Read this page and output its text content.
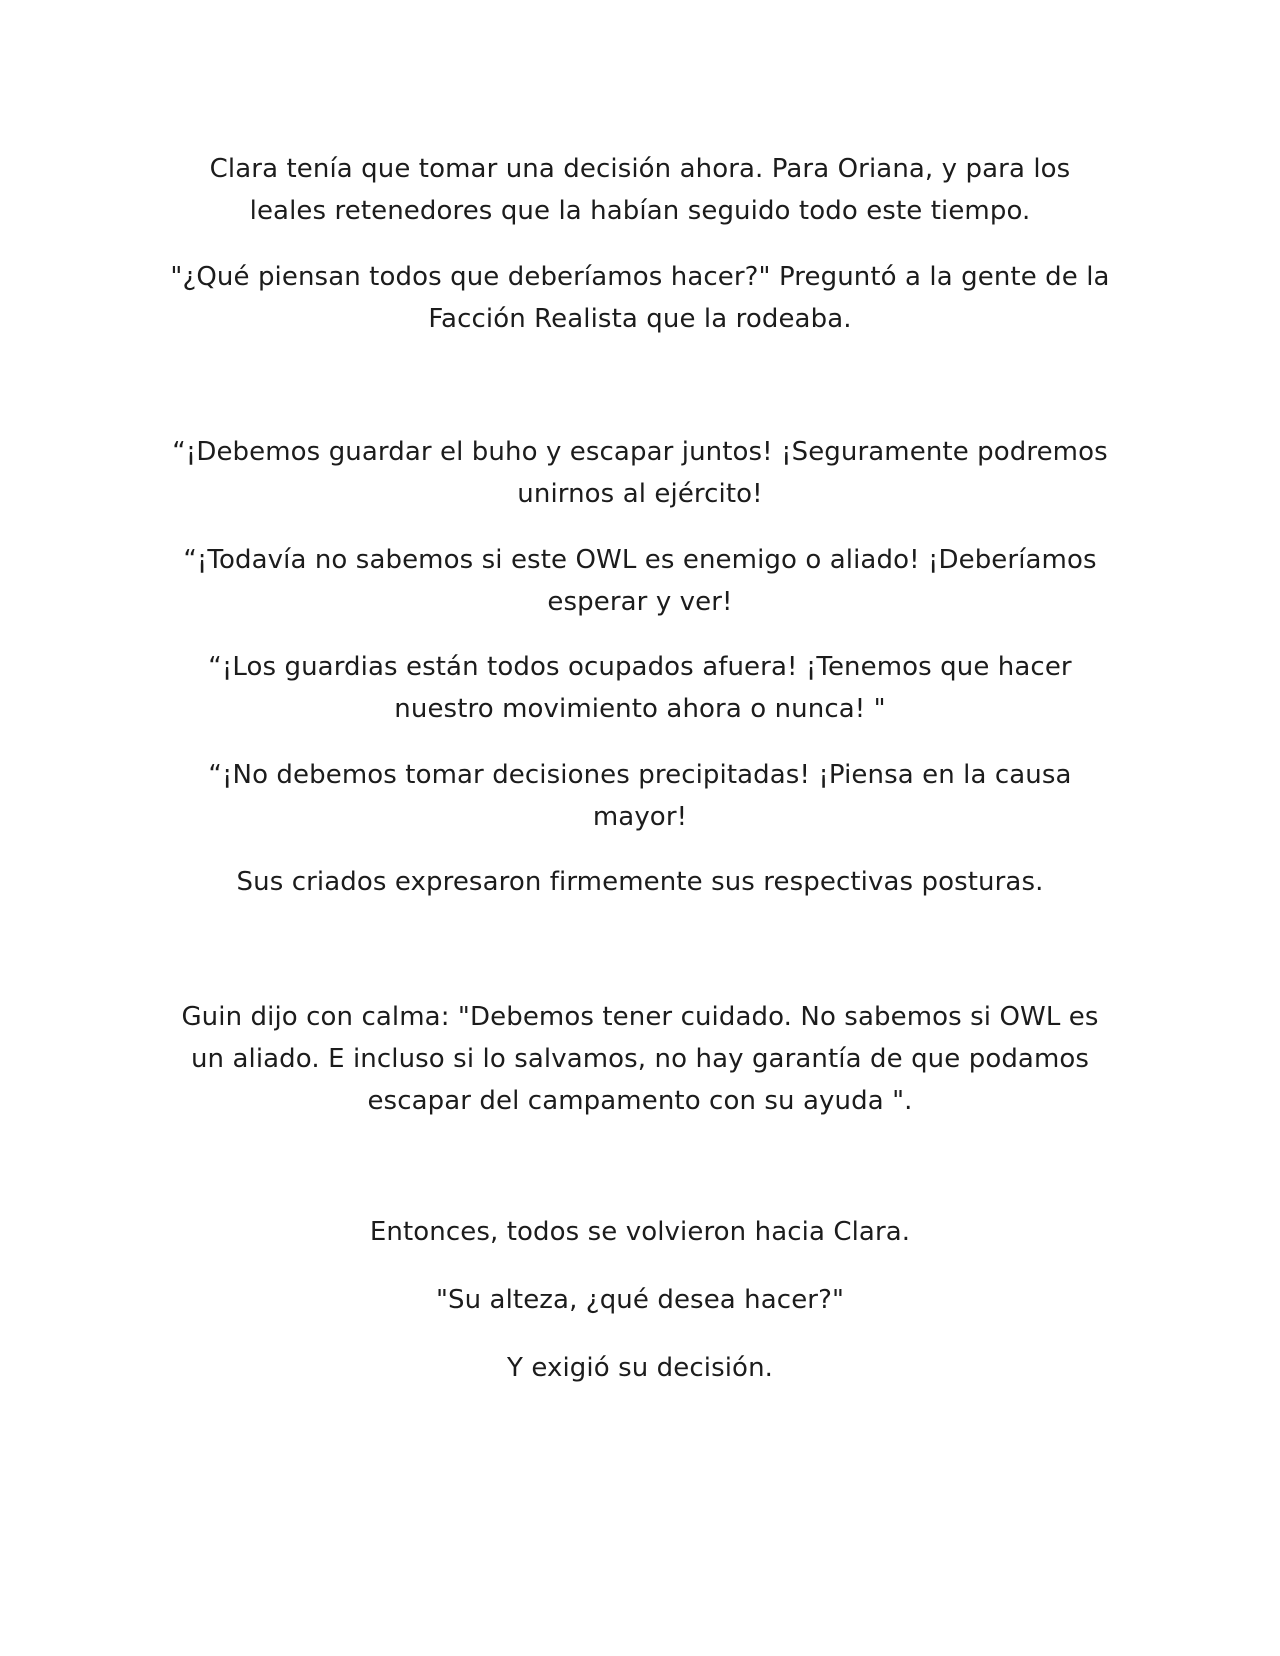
Clara tenía que tomar una decisión ahora. Para Oriana, y para los leales retenedores que la habían seguido todo este tiempo.

"¿Qué piensan todos que deberíamos hacer?" Preguntó a la gente de la Facción Realista que la rodeaba.

“¡Debemos guardar el buho y escapar juntos! ¡Seguramente podremos unirnos al ejército!

“¡Todavía no sabemos si este OWL es enemigo o aliado! ¡Deberíamos esperar y ver!

“¡Los guardias están todos ocupados afuera! ¡Tenemos que hacer nuestro movimiento ahora o nunca! "

“¡No debemos tomar decisiones precipitadas! ¡Piensa en la causa mayor!

Sus criados expresaron firmemente sus respectivas posturas.

Guin dijo con calma: "Debemos tener cuidado. No sabemos si OWL es un aliado. E incluso si lo salvamos, no hay garantía de que podamos escapar del campamento con su ayuda ".

Entonces, todos se volvieron hacia Clara.

"Su alteza, ¿qué desea hacer?"

Y exigió su decisión.
